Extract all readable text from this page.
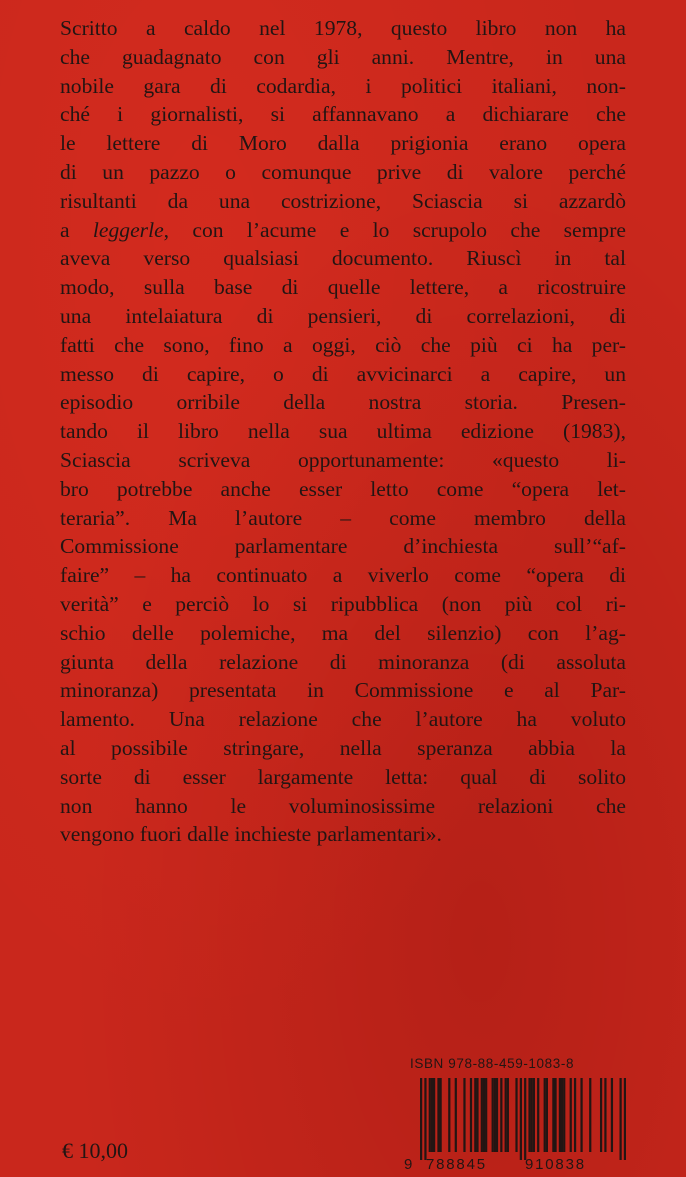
Scritto a caldo nel 1978, questo libro non ha
che guadagnato con gli anni. Mentre, in una
nobile gara di codardia, i politici italiani, non-
ché i giornalisti, si affannavano a dichiarare che
le lettere di Moro dalla prigionia erano opera
di un pazzo o comunque prive di valore perché
risultanti da una costrizione, Sciascia si azzardò
a leggerle, con l’acume e lo scrupolo che sempre
aveva verso qualsiasi documento. Riuscì in tal
modo, sulla base di quelle lettere, a ricostruire
una intelaiatura di pensieri, di correlazioni, di
fatti che sono, fino a oggi, ciò che più ci ha per-
messo di capire, o di avvicinarci a capire, un
episodio orribile della nostra storia. Presen-
tando il libro nella sua ultima edizione (1983),
Sciascia scriveva opportunamente: «questo li-
bro potrebbe anche esser letto come “opera let-
teraria”. Ma l’autore – come membro della
Commissione parlamentare d’inchiesta sull’“af-
faire” – ha continuato a viverlo come “opera di
verità” e perciò lo si ripubblica (non più col ri-
schio delle polemiche, ma del silenzio) con l’ag-
giunta della relazione di minoranza (di assoluta
minoranza) presentata in Commissione e al Par-
lamento. Una relazione che l’autore ha voluto
al possibile stringare, nella speranza abbia la
sorte di esser largamente letta: qual di solito
non hanno le voluminosissime relazioni che
vengono fuori dalle inchieste parlamentari».
€ 10,00
ISBN 978-88-459-1083-8
9 788845	910838
